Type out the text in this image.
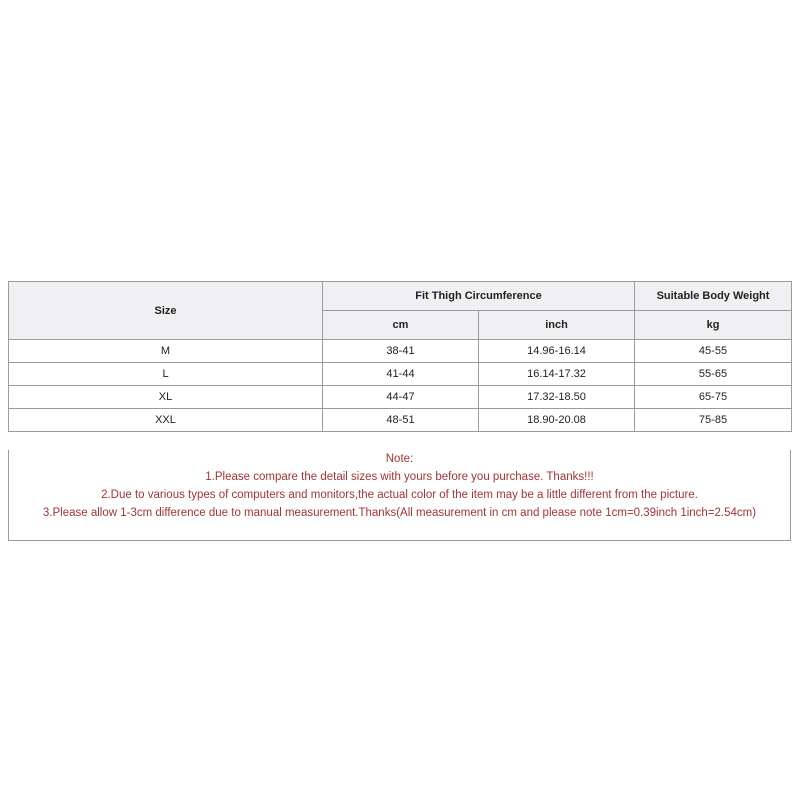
Size	Fit Thigh Circumference		Suitable Body Weight
	cm	inch	kg
M	38-41	14.96-16.14	45-55
L	41-44	16.14-17.32	55-65
XL	44-47	17.32-18.50	65-75
XXL	48-51	18.90-20.08	75-85
Note:
1.Please compare the detail sizes with yours before you purchase. Thanks!!!
2.Due to various types of computers and monitors,the actual color of the item may be a little different from the picture.
3.Please allow 1-3cm difference due to manual measurement.Thanks(All measurement in cm and please note 1cm=0.39inch 1inch=2.54cm)
